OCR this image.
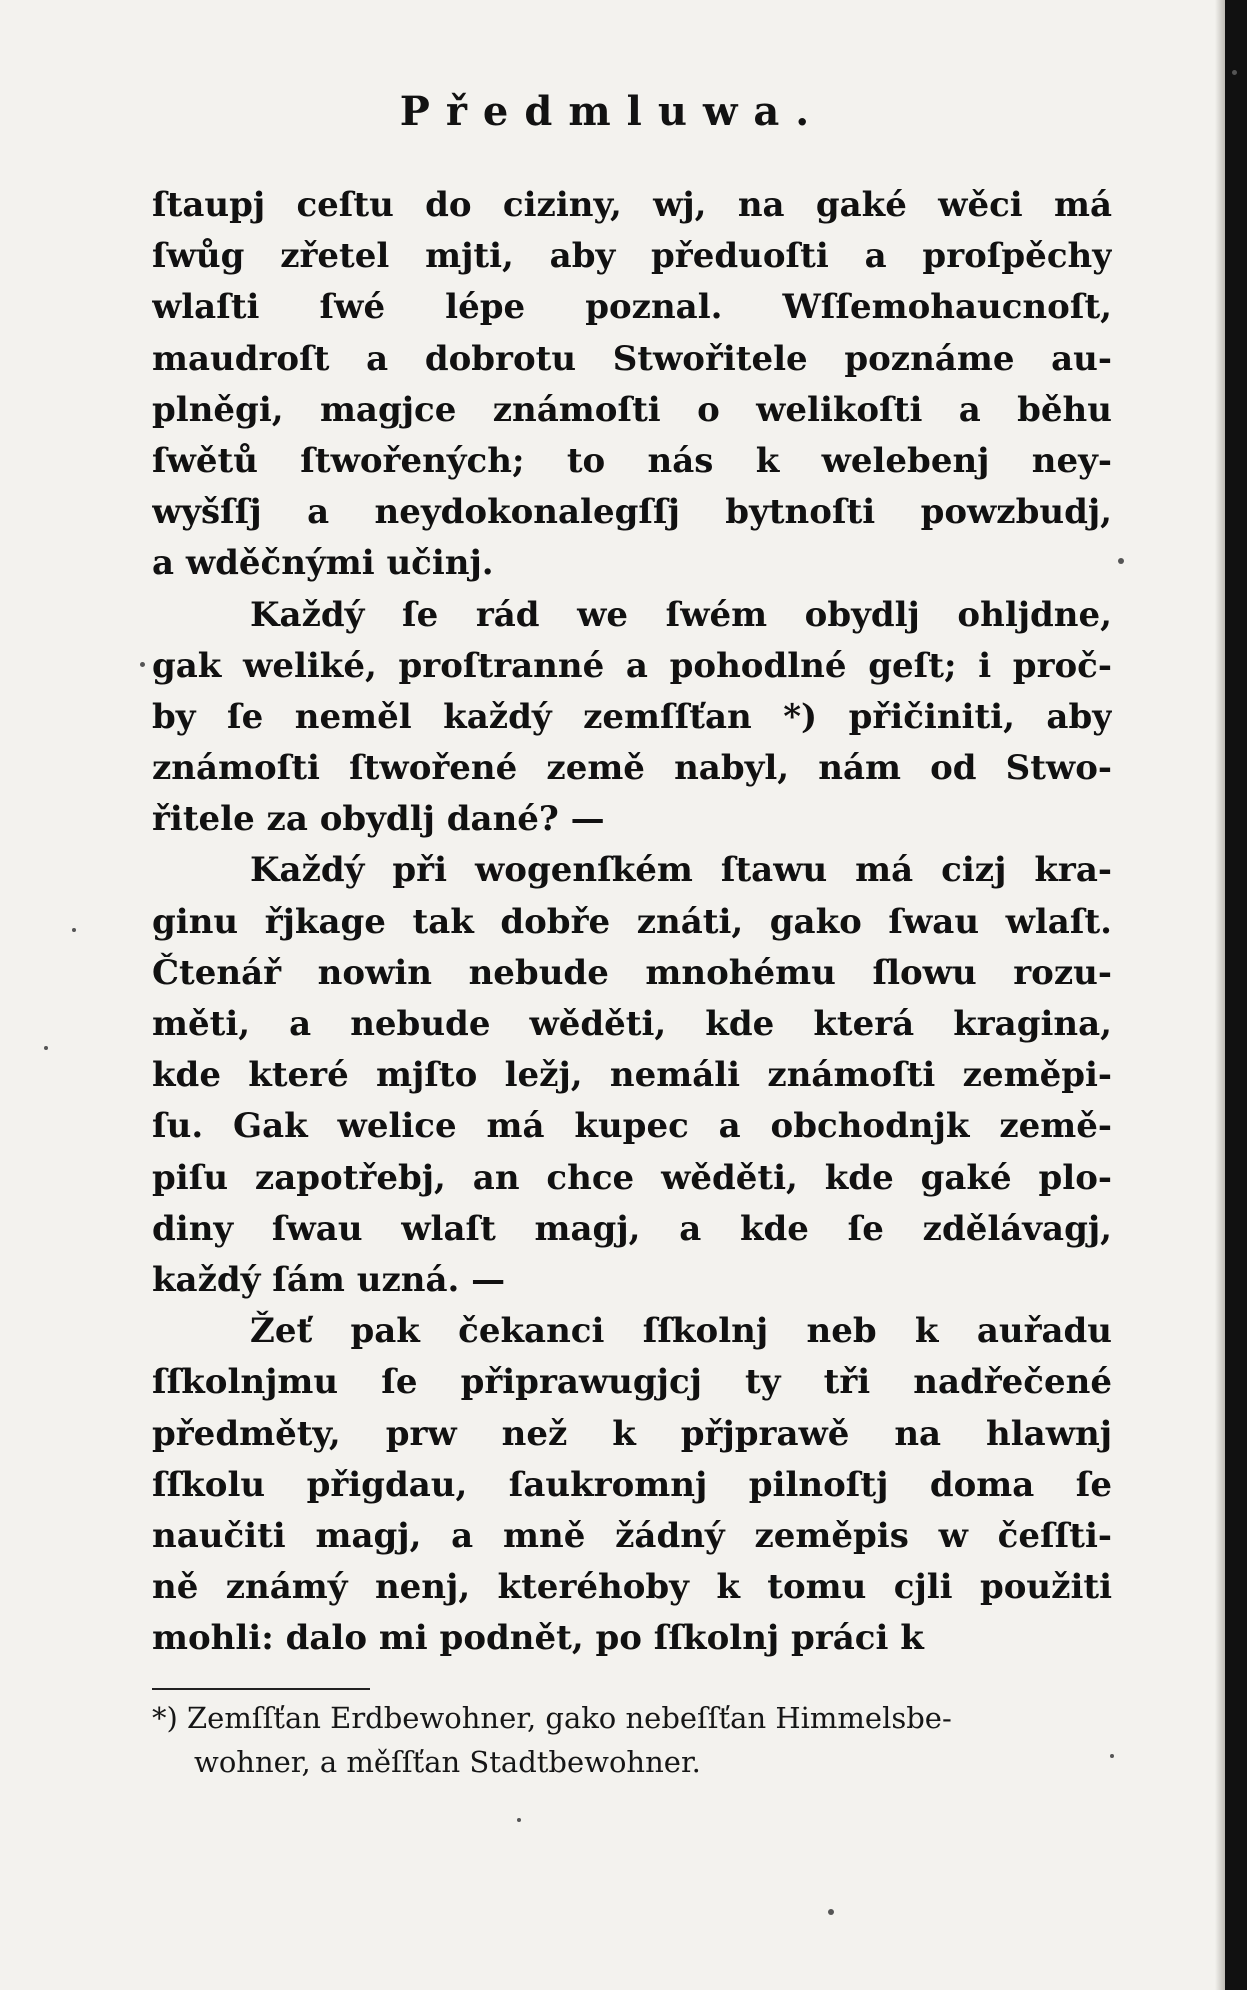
Předmluwa.
ſtaupj ceſtu do ciziny, wj, na gaké wěci má
ſwůg zřetel mjti, aby předuoſti a proſpěchy
wlaſti ſwé lépe poznal. Wſſemohaucnoſt,
maudroſt a dobrotu Stwořitele poznáme au-
plněgi, magjce známoſti o welikoſti a běhu
ſwětů ſtwořených; to nás k welebenj ney-
wyšſſj a neydokonalegſſj bytnoſti powzbudj,
a wděčnými učinj.
Každý ſe rád we ſwém obydlj ohljdne,
gak weliké, proſtranné a pohodlné geſt; i proč-
by ſe neměl každý zemſſťan *) přičiniti, aby
známoſti ſtwořené země nabyl, nám od Stwo-
řitele za obydlj dané? —
Každý při wogenſkém ſtawu má cizj kra-
ginu řjkage tak dobře znáti, gako ſwau wlaſt.
Čtenář nowin nebude mnohému ſlowu rozu-
měti, a nebude wěděti, kde která kragina,
kde které mjſto ležj, nemáli známoſti zeměpi-
ſu. Gak welice má kupec a obchodnjk země-
piſu zapotřebj, an chce wěděti, kde gaké plo-
diny ſwau wlaſt magj, a kde ſe zdělávagj,
každý ſám uzná. —
Žeť pak čekanci ſſkolnj neb k auřadu
ſſkolnjmu ſe připrawugjcj ty tři nadřečené
předměty, prw než k přjprawě na hlawnj
ſſkolu přigdau, ſaukromnj pilnoſtj doma ſe
naučiti magj, a mně žádný zeměpis w čeſſti-
ně známý nenj, kteréhoby k tomu cjli použiti
mohli: dalo mi podnět, po ſſkolnj práci k
*) Zemſſťan Erdbewohner, gako nebeſſťan Himmelsbe-
wohner, a měſſťan Stadtbewohner.
